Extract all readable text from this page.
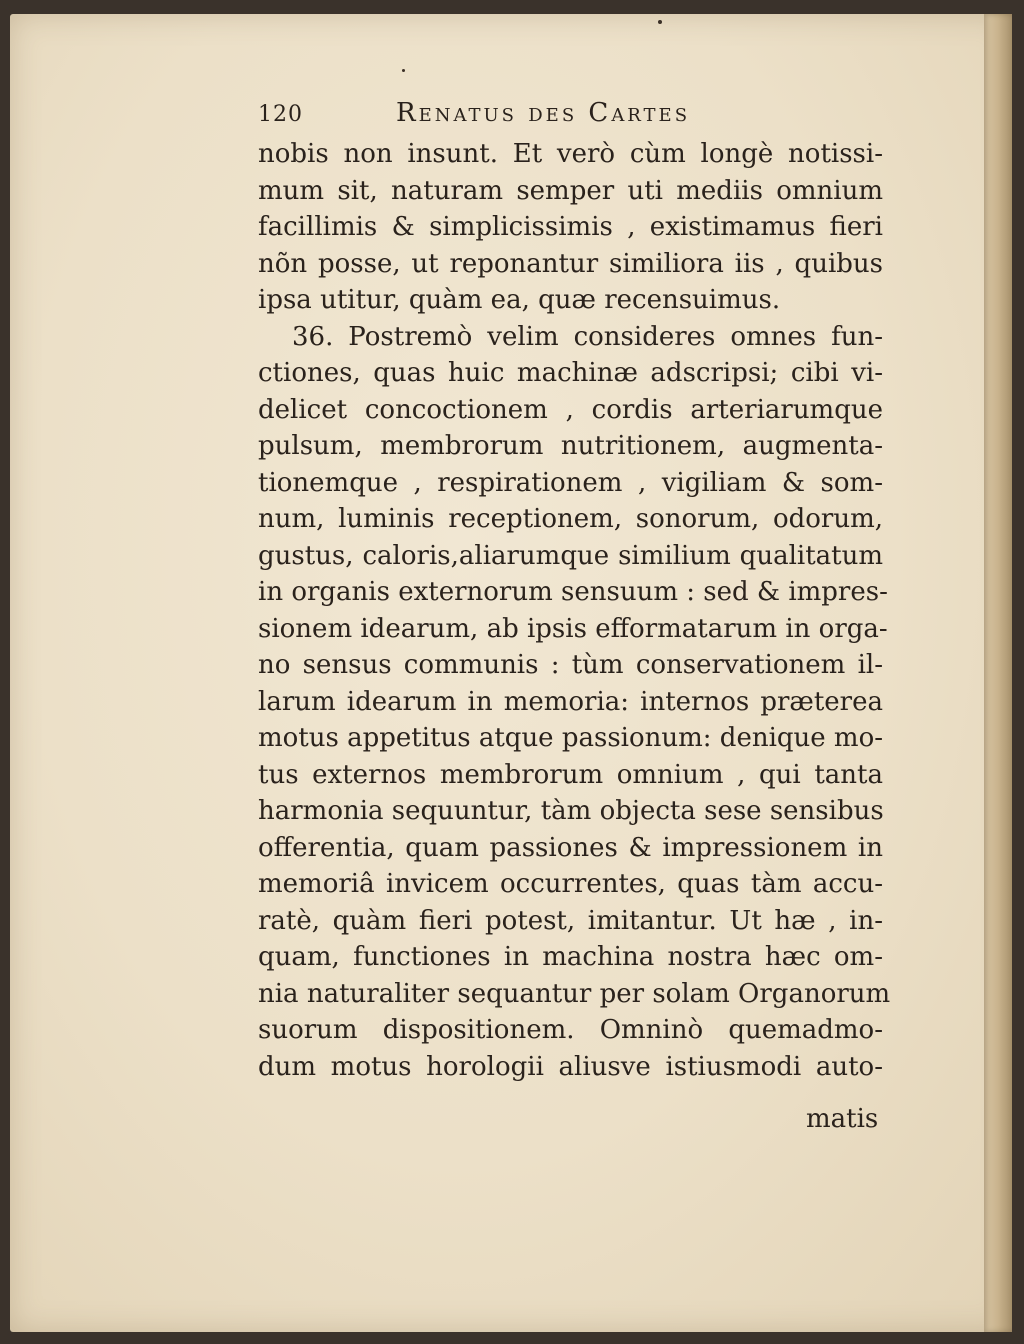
120	Renatus des Cartes
nobis non insunt. Et verò cùm longè notissi-
mum sit, naturam semper uti mediis omnium
facillimis & simplicissimis , existimamus fieri
nõn posse, ut reponantur similiora iis , quibus
ipsa utitur, quàm ea, quæ recensuimus.
36. Postremò velim consideres omnes fun-
ctiones, quas huic machinæ adscripsi; cibi vi-
delicet concoctionem , cordis arteriarumque
pulsum, membrorum nutritionem, augmenta-
tionemque , respirationem , vigiliam & som-
num, luminis receptionem, sonorum, odorum,
gustus, caloris,aliarumque similium qualitatum
in organis externorum sensuum : sed & impres-
sionem idearum, ab ipsis efformatarum in orga-
no sensus communis : tùm conservationem il-
larum idearum in memoria: internos præterea
motus appetitus atque passionum: denique mo-
tus externos membrorum omnium , qui tanta
harmonia sequuntur, tàm objecta sese sensibus
offerentia, quam passiones & impressionem in
memoriâ invicem occurrentes, quas tàm accu-
ratè, quàm fieri potest, imitantur. Ut hæ , in-
quam, functiones in machina nostra hæc om-
nia naturaliter sequantur per solam Organorum
suorum dispositionem. Omninò quemadmo-
dum motus horologii aliusve istiusmodi auto-
matis
